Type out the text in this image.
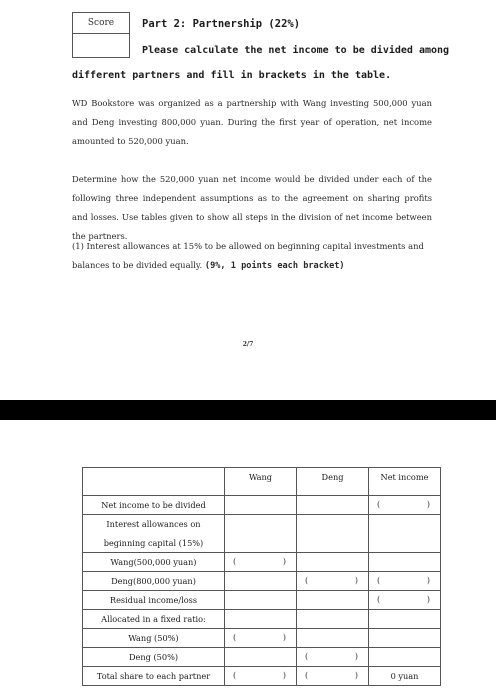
Score	Part 2: Partnership (22%)
Please calculate the net income to be divided among
different partners and fill in brackets in the table.
WD Bookstore was organized as a partnership with Wang investing 500,000 yuan and Deng investing 800,000 yuan. During the first year of operation, net income amounted to 520,000 yuan.
Determine how the 520,000 yuan net income would be divided under each of the following three independent assumptions as to the agreement on sharing profits and losses. Use tables given to show all steps in the division of net income between the partners.
(1) Interest allowances at 15% to be allowed on beginning capital investments and balances to be divided equally. (9%, 1 points each bracket)
2/7
	Wang	Deng	Net income
Net income to be divided			( )

Interest allowances on			
beginning capital (15%)			
Wang(500,000 yuan)	( )		

Deng(800,000 yuan)		( )	( )

Residual income/loss			( )

Allocated in a fixed ratio:			
Wang (50%)	( )		

Deng (50%)		( )	

Total share to each partner	( )	( )	0 yuan
